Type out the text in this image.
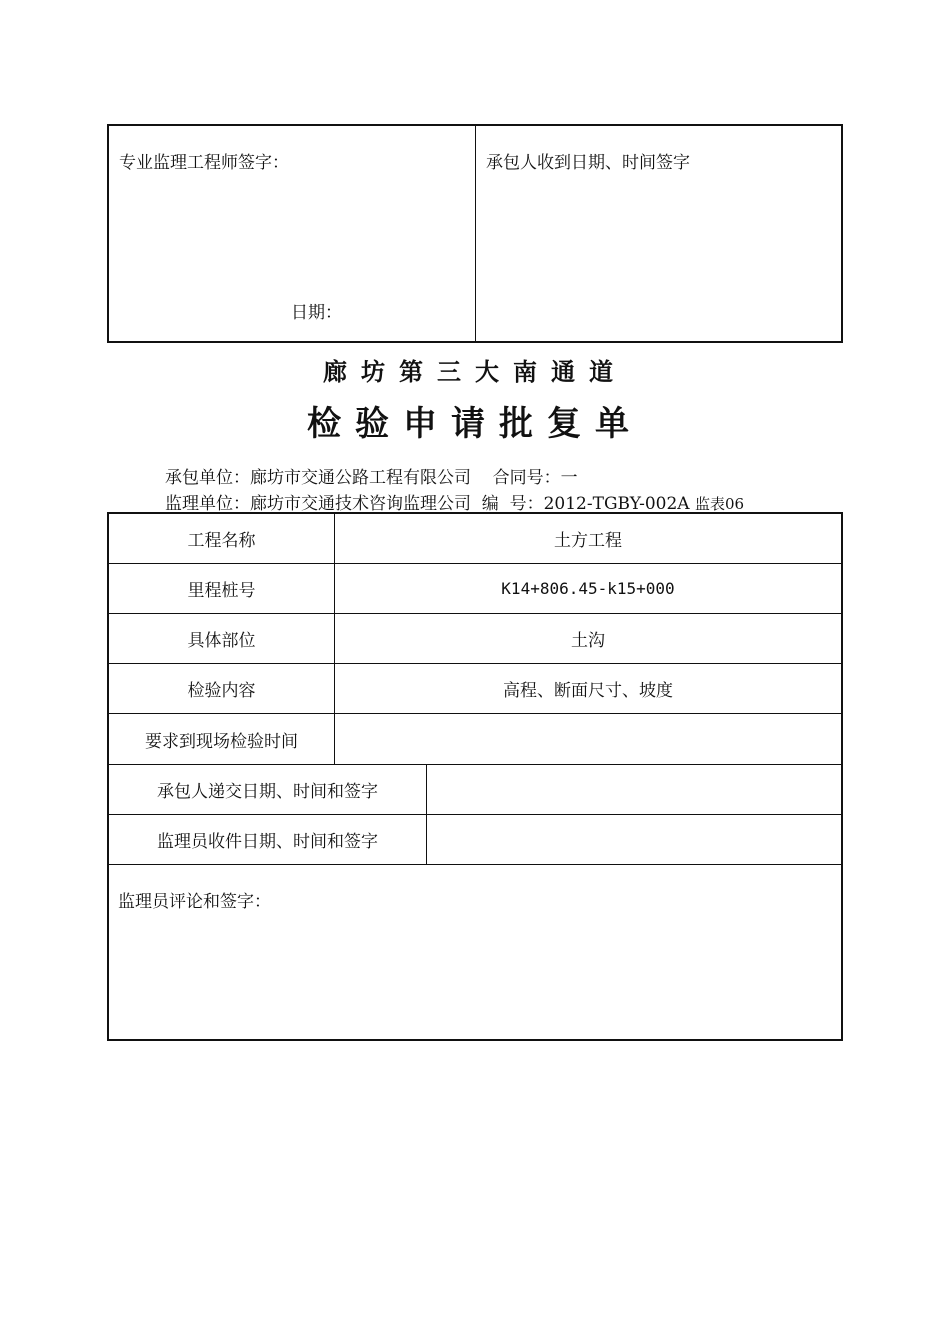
专业监理工程师签字：
日期：
承包人收到日期、时间签字
廊坊第三大南通道
检验申请批复单
承包单位：廊坊市交通公路工程有限公司    合同号：一
监理单位：廊坊市交通技术咨询监理公司  编  号：2012-TGBY-002A 监表06
工程名称	土方工程
里程桩号	K14+806.45-k15+000
具体部位	土沟
检验内容	高程、断面尺寸、坡度
要求到现场检验时间
承包人递交日期、时间和签字
监理员收件日期、时间和签字
监理员评论和签字：
